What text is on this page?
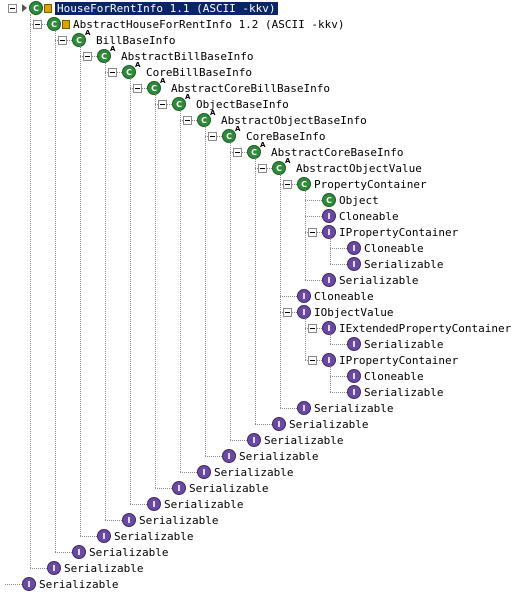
C	HouseForRentInfo 1.1 (ASCII -kkv)
C	AbstractHouseForRentInfo 1.2 (ASCII -kkv)
C A	BillBaseInfo
C A	AbstractBillBaseInfo
C A	CoreBillBaseInfo
C A	AbstractCoreBillBaseInfo
C A	ObjectBaseInfo
C A	AbstractObjectBaseInfo
C A	CoreBaseInfo
C A	AbstractCoreBaseInfo
C A	AbstractObjectValue
C PropertyContainer
C Object
I Cloneable
I IPropertyContainer
I Cloneable
I Serializable
I Serializable
I Cloneable
I IObjectValue
I IExtendedPropertyContainer
I Serializable
I IPropertyContainer
I Cloneable
I Serializable
I Serializable
I Serializable
I Serializable
I Serializable
I Serializable
I Serializable
I Serializable
I Serializable
I Serializable
I Serializable
I Serializable
I Serializable
